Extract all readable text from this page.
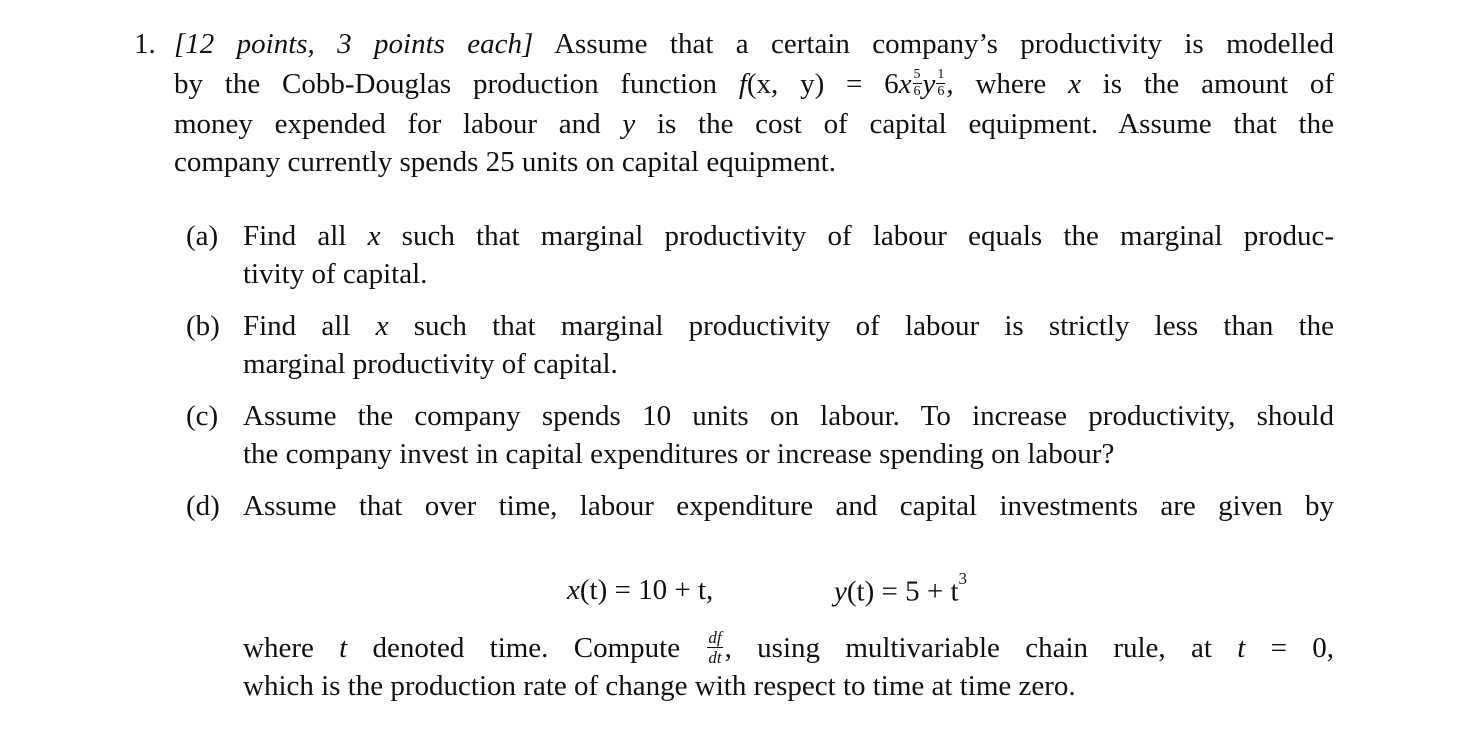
1. [12 points, 3 points each] Assume that a certain company’s productivity is modelled
by the Cobb-Douglas production function f(x, y) = 6x $^{\frac{5}{6}}$ y $^{\frac{1}{6}}$ , where x is the amount of
money expended for labour and y is the cost of capital equipment. Assume that the
company currently spends 25 units on capital equipment.
(a) Find all x such that marginal productivity of labour equals the marginal produc-
tivity of capital.
(b) Find all x such that marginal productivity of labour is strictly less than the
marginal productivity of capital.
(c) Assume the company spends 10 units on labour. To increase productivity, should
the company invest in capital expenditures or increase spending on labour?
(d) Assume that over time, labour expenditure and capital investments are given by
x(t) = 10 + t,	$y(t) = 5 + t^3$
where t denoted time. Compute $\frac{df}{dt}$ , using multivariable chain rule, at t = 0,
which is the production rate of change with respect to time at time zero.
